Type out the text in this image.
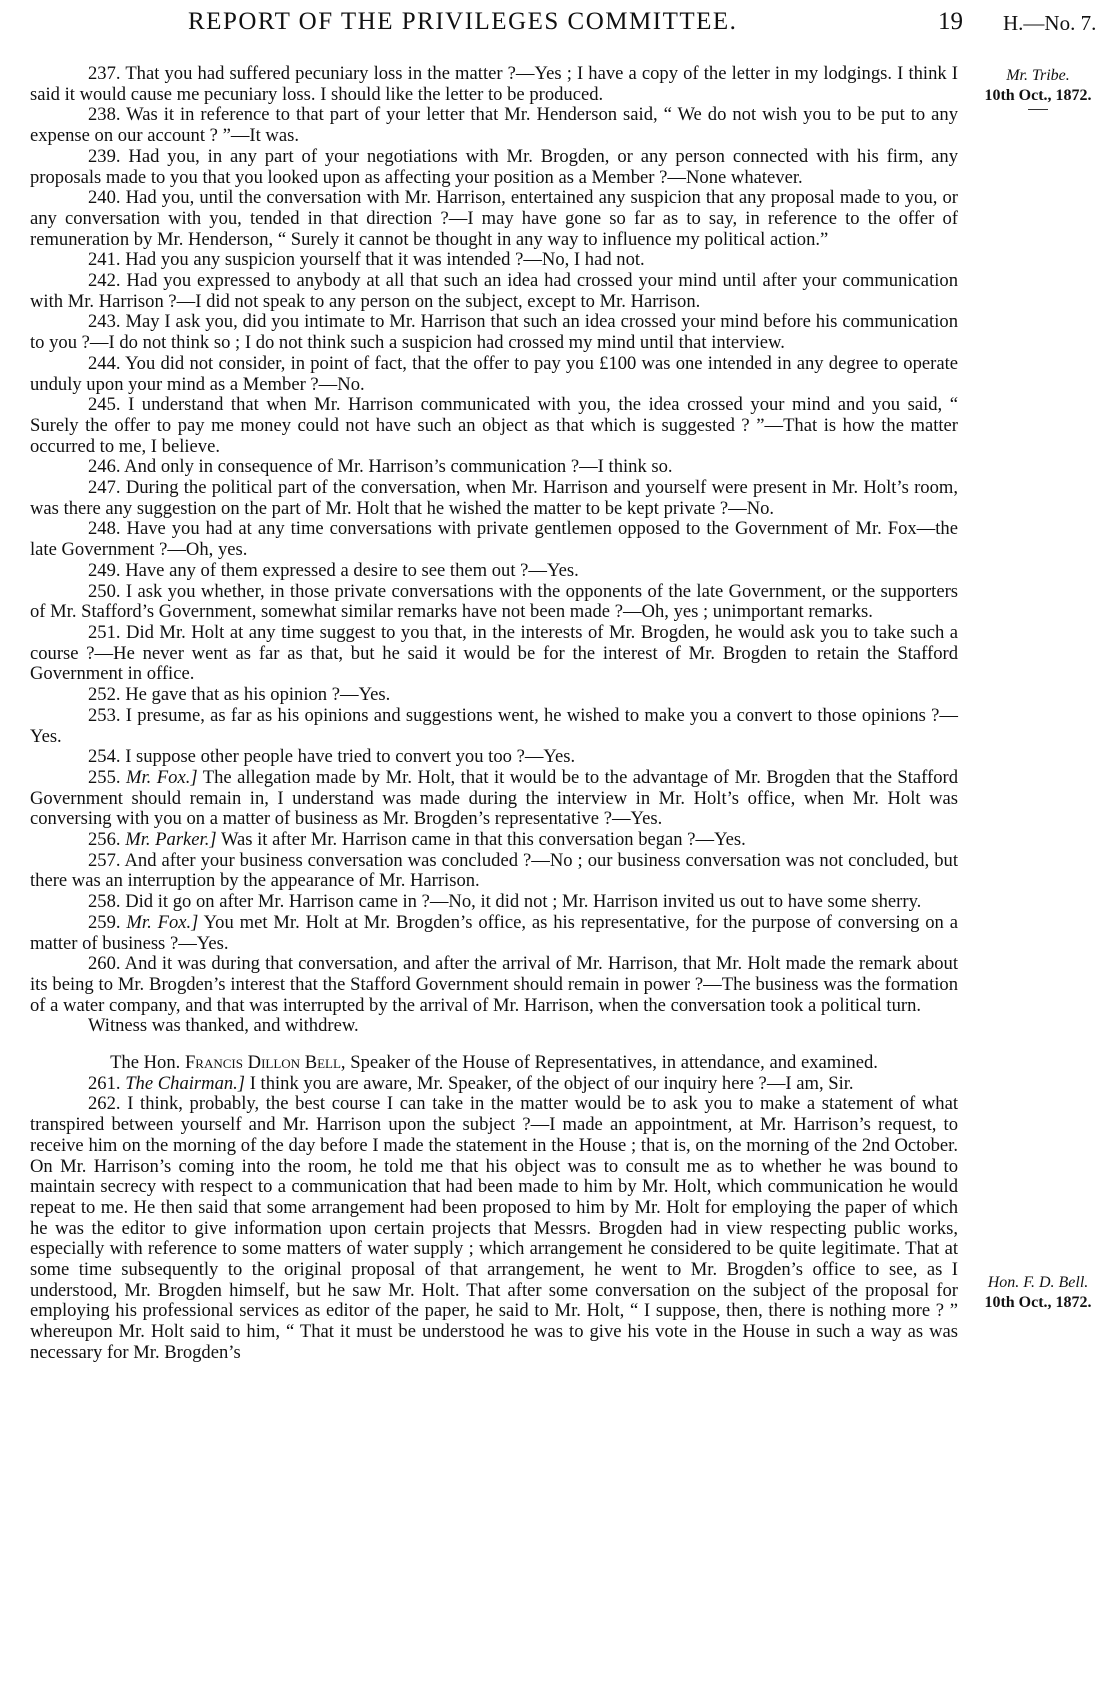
REPORT OF THE PRIVILEGES COMMITTEE.	19 H.—No. 7.
Mr. Tribe.
10th Oct., 1872.
Hon. F. D. Bell.
10th Oct., 1872.

237. That you had suffered pecuniary loss in the matter ?—Yes ; I have a copy of the letter in my lodgings. I think I said it would cause me pecuniary loss. I should like the letter to be produced.

238. Was it in reference to that part of your letter that Mr. Henderson said, “ We do not wish you to be put to any expense on our account ? ”—It was.

239. Had you, in any part of your negotiations with Mr. Brogden, or any person connected with his firm, any proposals made to you that you looked upon as affecting your position as a Member ?—None whatever.

240. Had you, until the conversation with Mr. Harrison, entertained any suspicion that any proposal made to you, or any conversation with you, tended in that direction ?—I may have gone so far as to say, in reference to the offer of remuneration by Mr. Henderson, “ Surely it cannot be thought in any way to influence my political action.”

241. Had you any suspicion yourself that it was intended ?—No, I had not.

242. Had you expressed to anybody at all that such an idea had crossed your mind until after your communication with Mr. Harrison ?—I did not speak to any person on the subject, except to Mr. Harrison.

243. May I ask you, did you intimate to Mr. Harrison that such an idea crossed your mind before his communication to you ?—I do not think so ; I do not think such a suspicion had crossed my mind until that interview.

244. You did not consider, in point of fact, that the offer to pay you £100 was one intended in any degree to operate unduly upon your mind as a Member ?—No.

245. I understand that when Mr. Harrison communicated with you, the idea crossed your mind and you said, “ Surely the offer to pay me money could not have such an object as that which is suggested ? ”—That is how the matter occurred to me, I believe.

246. And only in consequence of Mr. Harrison’s communication ?—I think so.

247. During the political part of the conversation, when Mr. Harrison and yourself were present in Mr. Holt’s room, was there any suggestion on the part of Mr. Holt that he wished the matter to be kept private ?—No.

248. Have you had at any time conversations with private gentlemen opposed to the Government of Mr. Fox—the late Government ?—Oh, yes.

249. Have any of them expressed a desire to see them out ?—Yes.

250. I ask you whether, in those private conversations with the opponents of the late Government, or the supporters of Mr. Stafford’s Government, somewhat similar remarks have not been made ?—Oh, yes ; unimportant remarks.

251. Did Mr. Holt at any time suggest to you that, in the interests of Mr. Brogden, he would ask you to take such a course ?—He never went as far as that, but he said it would be for the interest of Mr. Brogden to retain the Stafford Government in office.

252. He gave that as his opinion ?—Yes.

253. I presume, as far as his opinions and suggestions went, he wished to make you a convert to those opinions ?—Yes.

254. I suppose other people have tried to convert you too ?—Yes.

255. Mr. Fox.] The allegation made by Mr. Holt, that it would be to the advantage of Mr. Brogden that the Stafford Government should remain in, I understand was made during the interview in Mr. Holt’s office, when Mr. Holt was conversing with you on a matter of business as Mr. Brogden’s representative ?—Yes.

256. Mr. Parker.] Was it after Mr. Harrison came in that this conversation began ?—Yes.

257. And after your business conversation was concluded ?—No ; our business conversation was not concluded, but there was an interruption by the appearance of Mr. Harrison.

258. Did it go on after Mr. Harrison came in ?—No, it did not ; Mr. Harrison invited us out to have some sherry.

259. Mr. Fox.] You met Mr. Holt at Mr. Brogden’s office, as his representative, for the purpose of conversing on a matter of business ?—Yes.

260. And it was during that conversation, and after the arrival of Mr. Harrison, that Mr. Holt made the remark about its being to Mr. Brogden’s interest that the Stafford Government should remain in power ?—The business was the formation of a water company, and that was interrupted by the arrival of Mr. Harrison, when the conversation took a political turn.

Witness was thanked, and withdrew.

The Hon. Francis Dillon Bell, Speaker of the House of Representatives, in attendance, and examined.

261. The Chairman.] I think you are aware, Mr. Speaker, of the object of our inquiry here ?—I am, Sir.

262. I think, probably, the best course I can take in the matter would be to ask you to make a statement of what transpired between yourself and Mr. Harrison upon the subject ?—I made an appointment, at Mr. Harrison’s request, to receive him on the morning of the day before I made the statement in the House ; that is, on the morning of the 2nd October. On Mr. Harrison’s coming into the room, he told me that his object was to consult me as to whether he was bound to maintain secrecy with respect to a communication that had been made to him by Mr. Holt, which communication he would repeat to me. He then said that some arrangement had been proposed to him by Mr. Holt for employing the paper of which he was the editor to give information upon certain projects that Messrs. Brogden had in view respecting public works, especially with reference to some matters of water supply ; which arrangement he considered to be quite legitimate. That at some time subsequently to the original proposal of that arrangement, he went to Mr. Brogden’s office to see, as I understood, Mr. Brogden himself, but he saw Mr. Holt. That after some conversation on the subject of the proposal for employing his professional services as editor of the paper, he said to Mr. Holt, “ I suppose, then, there is nothing more ? ” whereupon Mr. Holt said to him, “ That it must be understood he was to give his vote in the House in such a way as was necessary for Mr. Brogden’s
